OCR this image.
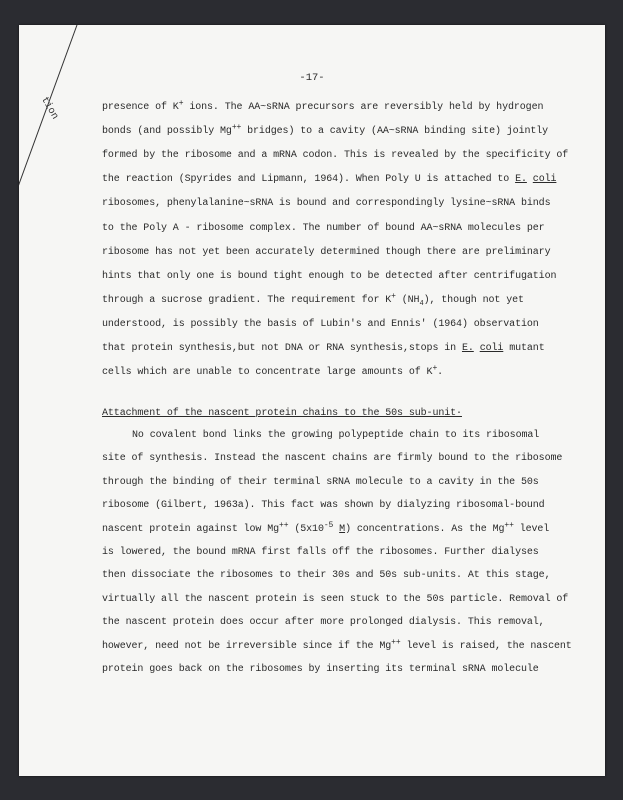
tion
-17-
Attachment of the nascent protein chains to the 50s sub-unit·
presence of K+ ions. The AA~sRNA precursors are reversibly held by hydrogen
bonds (and possibly Mg++ bridges) to a cavity (AA~sRNA binding site) jointly
formed by the ribosome and a mRNA codon. This is revealed by the specificity of
the reaction (Spyrides and Lipmann, 1964). When Poly U is attached to E. coli
ribosomes, phenylalanine~sRNA is bound and correspondingly lysine~sRNA binds
to the Poly A - ribosome complex. The number of bound AA~sRNA molecules per
ribosome has not yet been accurately determined though there are preliminary
hints that only one is bound tight enough to be detected after centrifugation
through a sucrose gradient. The requirement for K+ $(NH_4)$, though not yet
understood, is possibly the basis of Lubin's and Ennis' (1964) observation
that protein synthesis,but not DNA or RNA synthesis,stops in E. coli mutant
cells which are unable to concentrate large amounts of K+.
No covalent bond links the growing polypeptide chain to its ribosomal
site of synthesis. Instead the nascent chains are firmly bound to the ribosome
through the binding of their terminal sRNA molecule to a cavity in the 50s
ribosome (Gilbert, 1963a). This fact was shown by dialyzing ribosomal-bound
nascent protein against low Mg++ ($5x10^{-5}$ M) concentrations. As the Mg++ level
is lowered, the bound mRNA first falls off the ribosomes. Further dialyses
then dissociate the ribosomes to their 30s and 50s sub-units. At this stage,
virtually all the nascent protein is seen stuck to the 50s particle. Removal of
the nascent protein does occur after more prolonged dialysis. This removal,
however, need not be irreversible since if the Mg++ level is raised, the nascent
protein goes back on the ribosomes by inserting its terminal sRNA molecule
